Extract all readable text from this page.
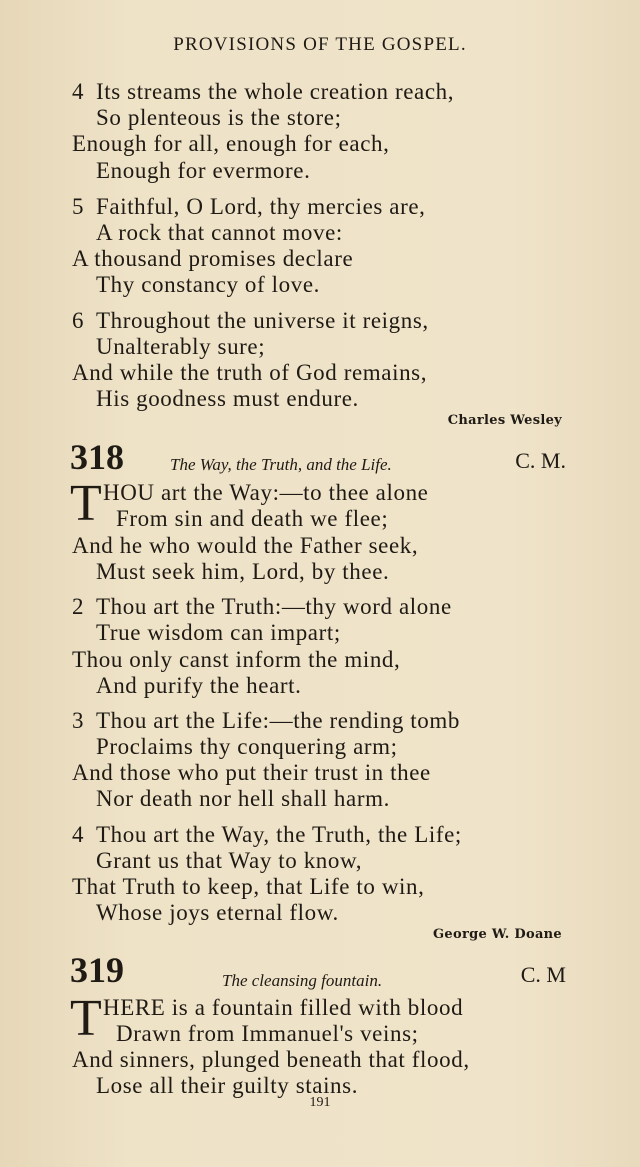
PROVISIONS OF THE GOSPEL.
4 Its streams the whole creation reach,
So plenteous is the store;
Enough for all, enough for each,
Enough for evermore.
5 Faithful, O Lord, thy mercies are,
A rock that cannot move:
A thousand promises declare
Thy constancy of love.
6 Throughout the universe it reigns,
Unalterably sure;
And while the truth of God remains,
His goodness must endure.
Charles Wesley
318	The Way, the Truth, and the Life.	C. M.
T HOU art the Way:—to thee alone
From sin and death we flee;
And he who would the Father seek,
Must seek him, Lord, by thee.
2 Thou art the Truth:—thy word alone
True wisdom can impart;
Thou only canst inform the mind,
And purify the heart.
3 Thou art the Life:—the rending tomb
Proclaims thy conquering arm;
And those who put their trust in thee
Nor death nor hell shall harm.
4 Thou art the Way, the Truth, the Life;
Grant us that Way to know,
That Truth to keep, that Life to win,
Whose joys eternal flow.
George W. Doane
319	The cleansing fountain.	C. M
T HERE is a fountain filled with blood
Drawn from Immanuel's veins;
And sinners, plunged beneath that flood,
Lose all their guilty stains.
191
